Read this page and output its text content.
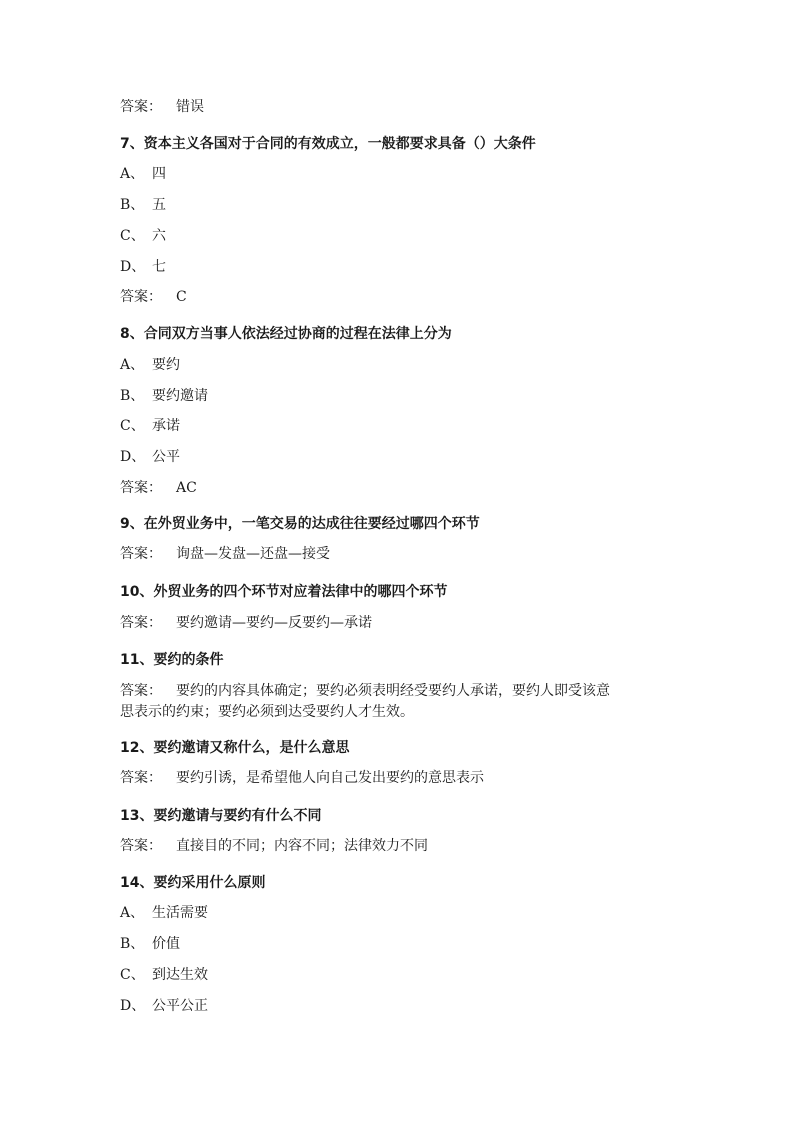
答案： 错误
7、资本主义各国对于合同的有效成立，一般都要求具备（）大条件
A、 四
B、 五
C、 六
D、 七
答案： C
8、合同双方当事人依法经过协商的过程在法律上分为
A、 要约
B、 要约邀请
C、 承诺
D、 公平
答案： AC
9、在外贸业务中，一笔交易的达成往往要经过哪四个环节
答案： 询盘—发盘—还盘—接受
10、外贸业务的四个环节对应着法律中的哪四个环节
答案： 要约邀请—要约—反要约—承诺
11、要约的条件
答案： 要约的内容具体确定；要约必须表明经受要约人承诺，要约人即受该意
思表示的约束；要约必须到达受要约人才生效。
12、要约邀请又称什么，是什么意思
答案： 要约引诱，是希望他人向自己发出要约的意思表示
13、要约邀请与要约有什么不同
答案： 直接目的不同；内容不同；法律效力不同
14、要约采用什么原则
A、 生活需要
B、 价值
C、 到达生效
D、 公平公正
